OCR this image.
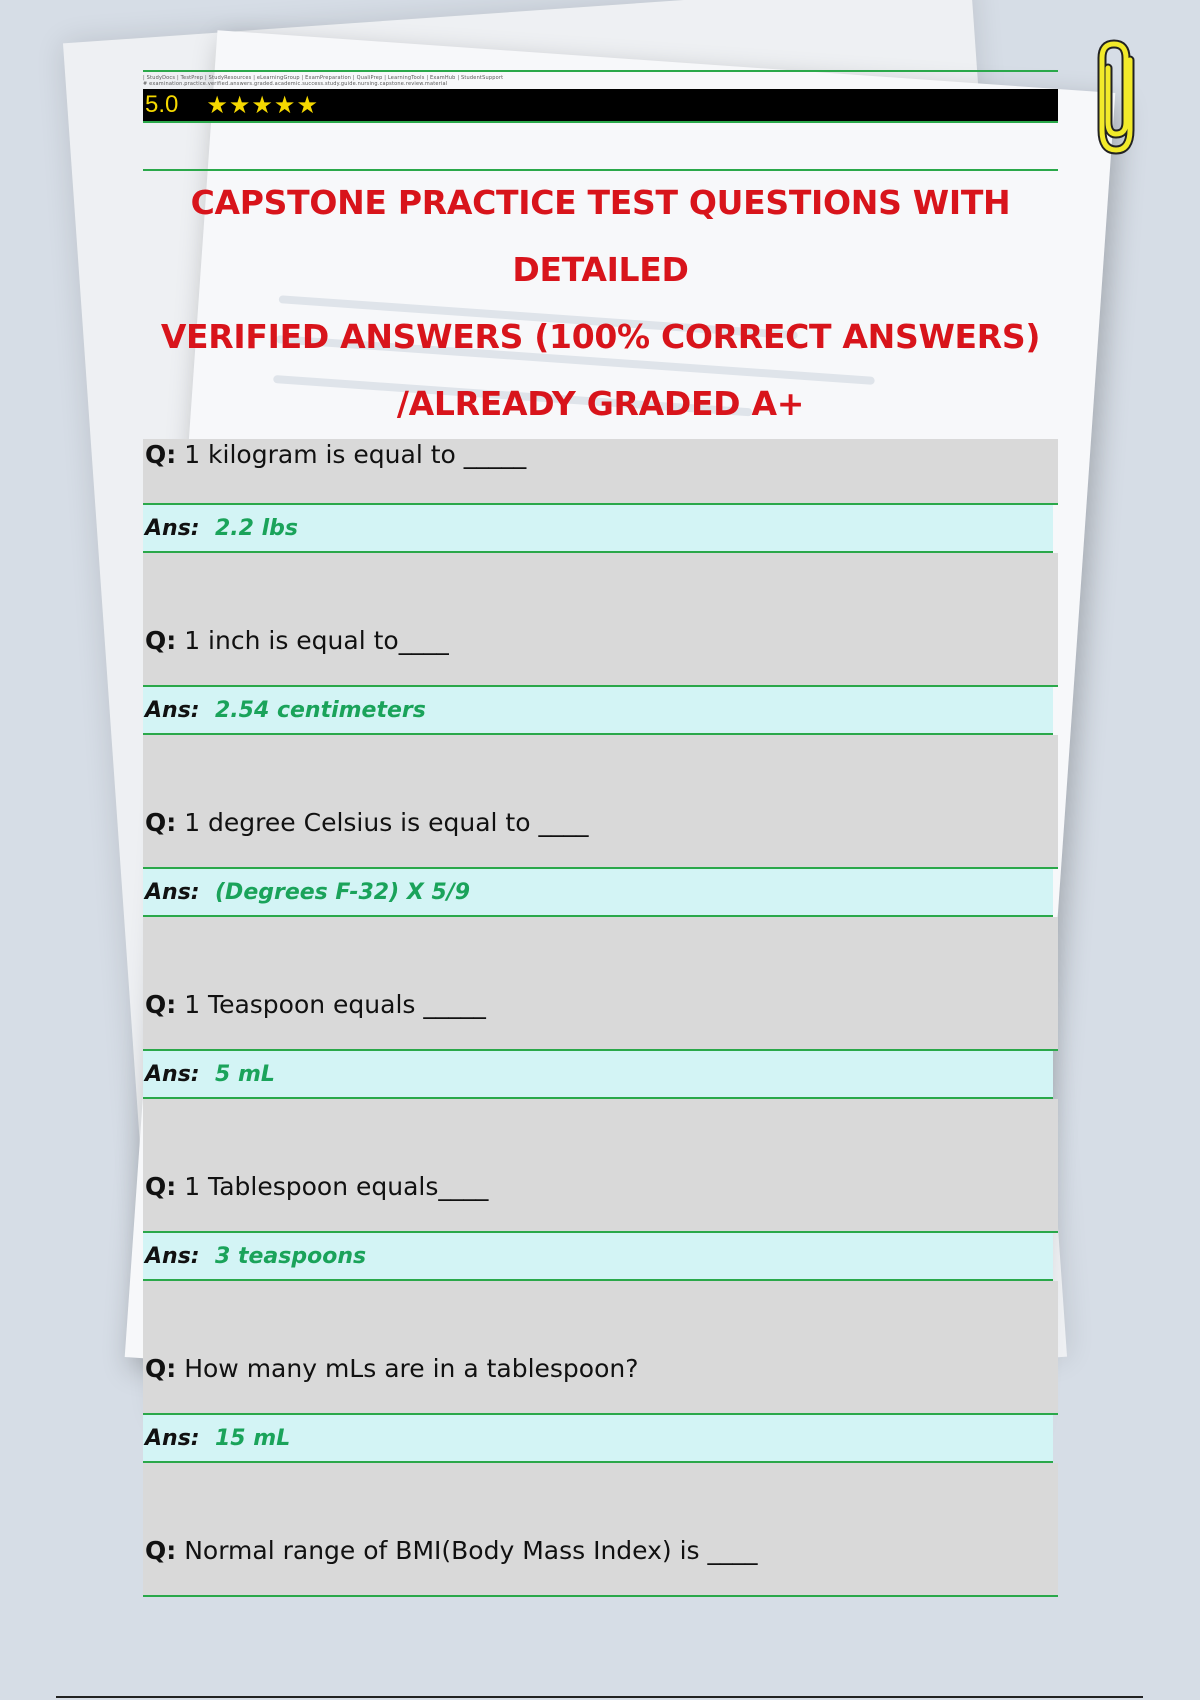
| StudyDocs | TestPrep | StudyResources | eLearningGroup | ExamPreparation | QualiPrep | LearningTools | ExamHub | StudentSupport
# examination.practice.verified.answers.graded.academic.success.study.guide.nursing.capstone.review.material
5.0 ★ ★ ★ ★ ★
CAPSTONE PRACTICE TEST QUESTIONS WITH DETAILED
VERIFIED ANSWERS (100% CORRECT ANSWERS)
/ALREADY GRADED A+
Q: 1 kilogram is equal to _____
Ans: 2.2 lbs
Q: 1 inch is equal to____
Ans: 2.54 centimeters
Q: 1 degree Celsius is equal to ____
Ans: (Degrees F-32) X 5/9
Q: 1 Teaspoon equals _____
Ans: 5 mL
Q: 1 Tablespoon equals____
Ans: 3 teaspoons
Q: How many mLs are in a tablespoon?
Ans: 15 mL
Q: Normal range of BMI(Body Mass Index) is ____
